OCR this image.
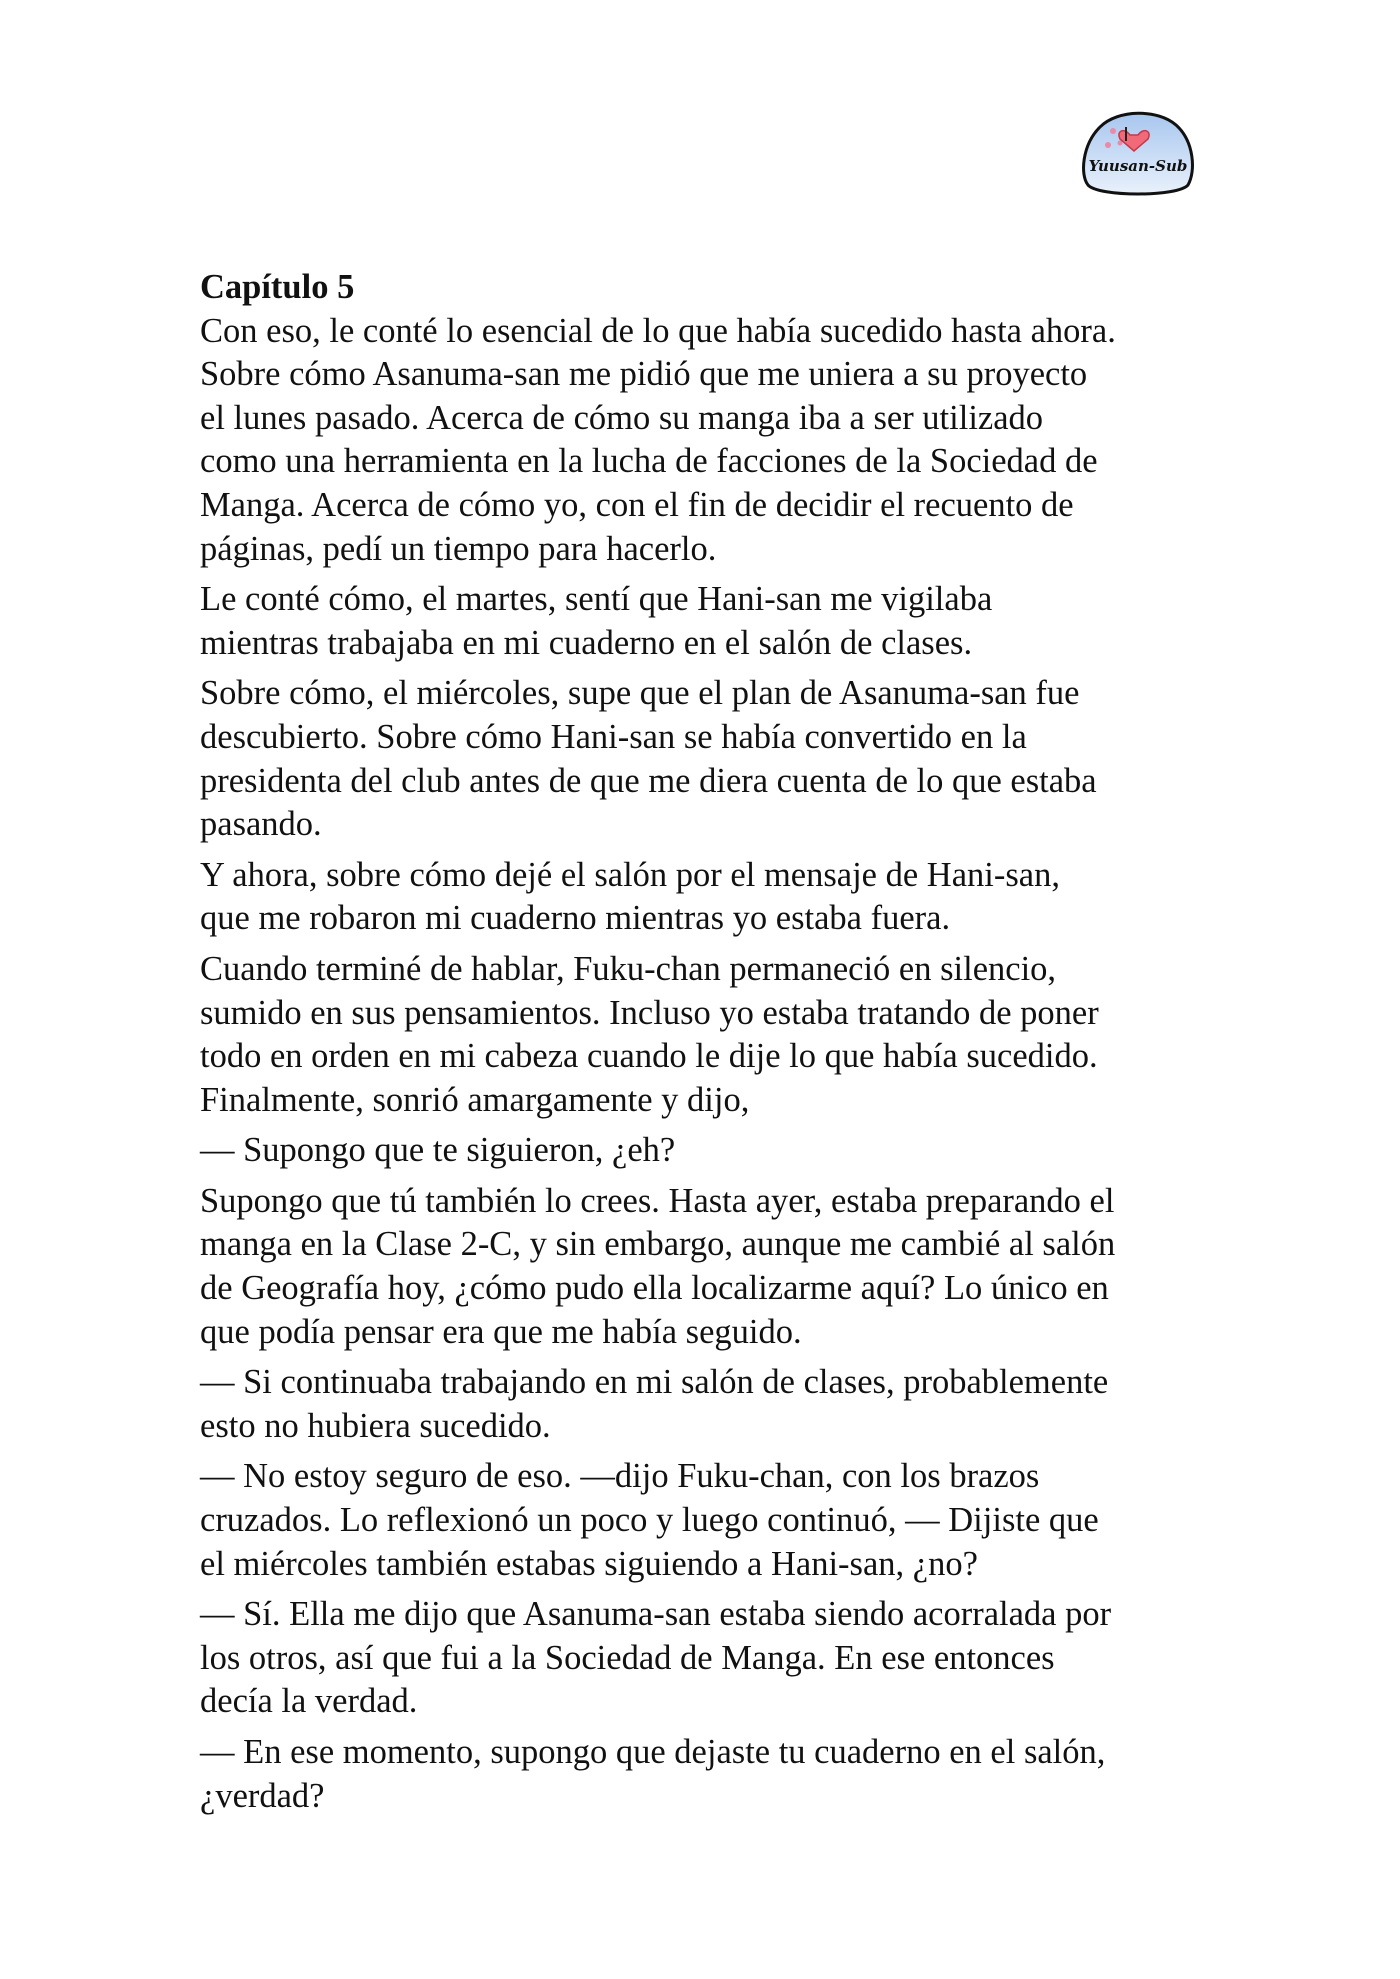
Yuusan-Sub
Capítulo 5

Con eso, le conté lo esencial de lo que había sucedido hasta ahora.
Sobre cómo Asanuma-san me pidió que me uniera a su proyecto
el lunes pasado. Acerca de cómo su manga iba a ser utilizado
como una herramienta en la lucha de facciones de la Sociedad de
Manga. Acerca de cómo yo, con el fin de decidir el recuento de
páginas, pedí un tiempo para hacerlo.

Le conté cómo, el martes, sentí que Hani-san me vigilaba
mientras trabajaba en mi cuaderno en el salón de clases.

Sobre cómo, el miércoles, supe que el plan de Asanuma-san fue
descubierto. Sobre cómo Hani-san se había convertido en la
presidenta del club antes de que me diera cuenta de lo que estaba
pasando.

Y ahora, sobre cómo dejé el salón por el mensaje de Hani-san,
que me robaron mi cuaderno mientras yo estaba fuera.

Cuando terminé de hablar, Fuku-chan permaneció en silencio,
sumido en sus pensamientos. Incluso yo estaba tratando de poner
todo en orden en mi cabeza cuando le dije lo que había sucedido.
Finalmente, sonrió amargamente y dijo,

— Supongo que te siguieron, ¿eh?

Supongo que tú también lo crees. Hasta ayer, estaba preparando el
manga en la Clase 2-C, y sin embargo, aunque me cambié al salón
de Geografía hoy, ¿cómo pudo ella localizarme aquí? Lo único en
que podía pensar era que me había seguido.

— Si continuaba trabajando en mi salón de clases, probablemente
esto no hubiera sucedido.

— No estoy seguro de eso. —dijo Fuku-chan, con los brazos
cruzados. Lo reflexionó un poco y luego continuó, — Dijiste que
el miércoles también estabas siguiendo a Hani-san, ¿no?

— Sí. Ella me dijo que Asanuma-san estaba siendo acorralada por
los otros, así que fui a la Sociedad de Manga. En ese entonces
decía la verdad.

— En ese momento, supongo que dejaste tu cuaderno en el salón,
¿verdad?
